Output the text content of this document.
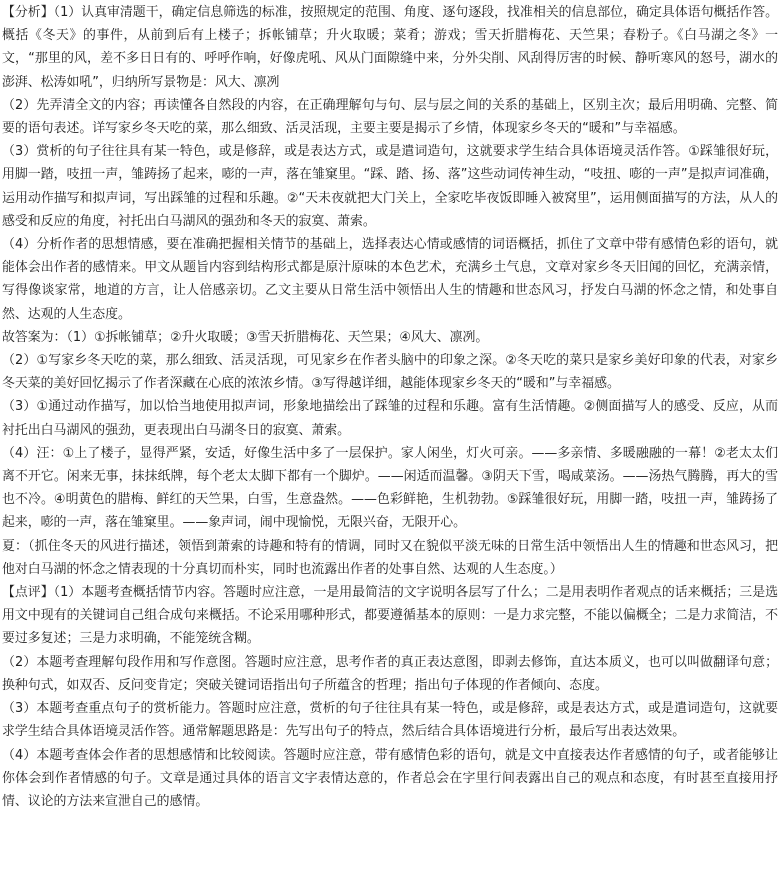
【分析】（1）认真审清题干，确定信息筛选的标准，按照规定的范围、角度、逐句逐段，找准相关的信息部位，确定具体语句概括作答。概括《冬天》的事件，从前到后有上楼子；拆帐铺草；升火取暖；菜肴；游戏；雪天折腊梅花、天竺果；春粉子。《白马湖之冬》一文，“那里的风，差不多日日有的、呼呼作响，好像虎吼、风从门面隙缝中来，分外尖削、风刮得厉害的时候、静听寒风的怒号，湖水的澎湃、松涛如吼”，归纳所写景物是：风大、凛冽

（2）先弄清全文的内容；再读懂各自然段的内容，在正确理解句与句、层与层之间的关系的基础上，区别主次；最后用明确、完整、简要的语句表述。详写家乡冬天吃的菜，那么细致、活灵活现，主要主要是揭示了乡情，体现家乡冬天的“暖和”与幸福感。

（3）赏析的句子往往具有某一特色，或是修辞，或是表达方式，或是遣词造句，这就要求学生结合具体语境灵活作答。①踩雏很好玩，用脚一踏，吱扭一声，雏踌扬了起来，嘭的一声，落在雏窠里。“踩、踏、扬、落”这些动词传神生动，“吱扭、嘭的一声”是拟声词准确，运用动作描写和拟声词，写出踩雏的过程和乐趣。②“天未夜就把大门关上，全家吃毕夜饭即睡入被窝里”，运用侧面描写的方法，从人的感受和反应的角度，衬托出白马湖风的强劲和冬天的寂寞、萧索。

（4）分析作者的思想情感，要在准确把握相关情节的基础上，选择表达心情或感情的词语概括，抓住了文章中带有感情色彩的语句，就能体会出作者的感情来。甲文从题旨内容到结构形式都是原汁原味的本色艺术，充满乡土气息，文章对家乡冬天旧闻的回忆，充满亲情，写得像谈家常，地道的方言，让人倍感亲切。乙文主要从日常生活中领悟出人生的情趣和世态风习，抒发白马湖的怀念之情，和处事自然、达观的人生态度。

故答案为：（1）①拆帐铺草；②升火取暖；③雪天折腊梅花、天竺果；④风大、凛冽。

（2）①写家乡冬天吃的菜，那么细致、活灵活现，可见家乡在作者头脑中的印象之深。②冬天吃的菜只是家乡美好印象的代表，对家乡冬天菜的美好回忆揭示了作者深藏在心底的浓浓乡情。③写得越详细，越能体现家乡冬天的“暖和”与幸福感。

（3）①通过动作描写，加以恰当地使用拟声词，形象地描绘出了踩雏的过程和乐趣。富有生活情趣。②侧面描写人的感受、反应，从而衬托出白马湖风的强劲，更表现出白马湖冬日的寂寞、萧索。

（4）汪：①上了楼子，显得严紧，安适，好像生活中多了一层保护。家人闲坐，灯火可亲。——多亲情、多暖融融的一幕！②老太太们离不开它。闲来无事，抹抹纸牌，每个老太太脚下都有一个脚炉。——闲适而温馨。③阴天下雪，喝咸菜汤。——汤热气腾腾，再大的雪也不冷。④明黄色的腊梅、鲜红的天竺果，白雪，生意盎然。——色彩鲜艳，生机勃勃。⑤踩雏很好玩，用脚一踏，吱扭一声，雏踌扬了起来，嘭的一声，落在雏窠里。——象声词，闹中现愉悦，无限兴奋，无限开心。

夏：（抓住冬天的风进行描述，领悟到萧索的诗趣和特有的情调，同时又在貌似平淡无味的日常生活中领悟出人生的情趣和世态风习，把他对白马湖的怀念之情表现的十分真切而朴实，同时也流露出作者的处事自然、达观的人生态度。）

【点评】（1）本题考查概括情节内容。答题时应注意，一是用最简洁的文字说明各层写了什么；二是用表明作者观点的话来概括；三是选用文中现有的关键词自己组合成句来概括。不论采用哪种形式，都要遵循基本的原则：一是力求完整，不能以偏概全；二是力求简洁，不要过多复述；三是力求明确，不能笼统含糊。

（2）本题考查理解句段作用和写作意图。答题时应注意，思考作者的真正表达意图，即剥去修饰，直达本质义，也可以叫做翻译句意；换种句式，如双否、反问变肯定；突破关键词语指出句子所蕴含的哲理；指出句子体现的作者倾向、态度。

（3）本题考查重点句子的赏析能力。答题时应注意，赏析的句子往往具有某一特色，或是修辞，或是表达方式，或是遣词造句，这就要求学生结合具体语境灵活作答。通常解题思路是：先写出句子的特点，然后结合具体语境进行分析，最后写出表达效果。

（4）本题考查体会作者的思想感情和比较阅读。答题时应注意，带有感情色彩的语句，就是文中直接表达作者感情的句子，或者能够让你体会到作者情感的句子。文章是通过具体的语言文字表情达意的，作者总会在字里行间表露出自己的观点和态度，有时甚至直接用抒情、议论的方法来宣泄自己的感情。
